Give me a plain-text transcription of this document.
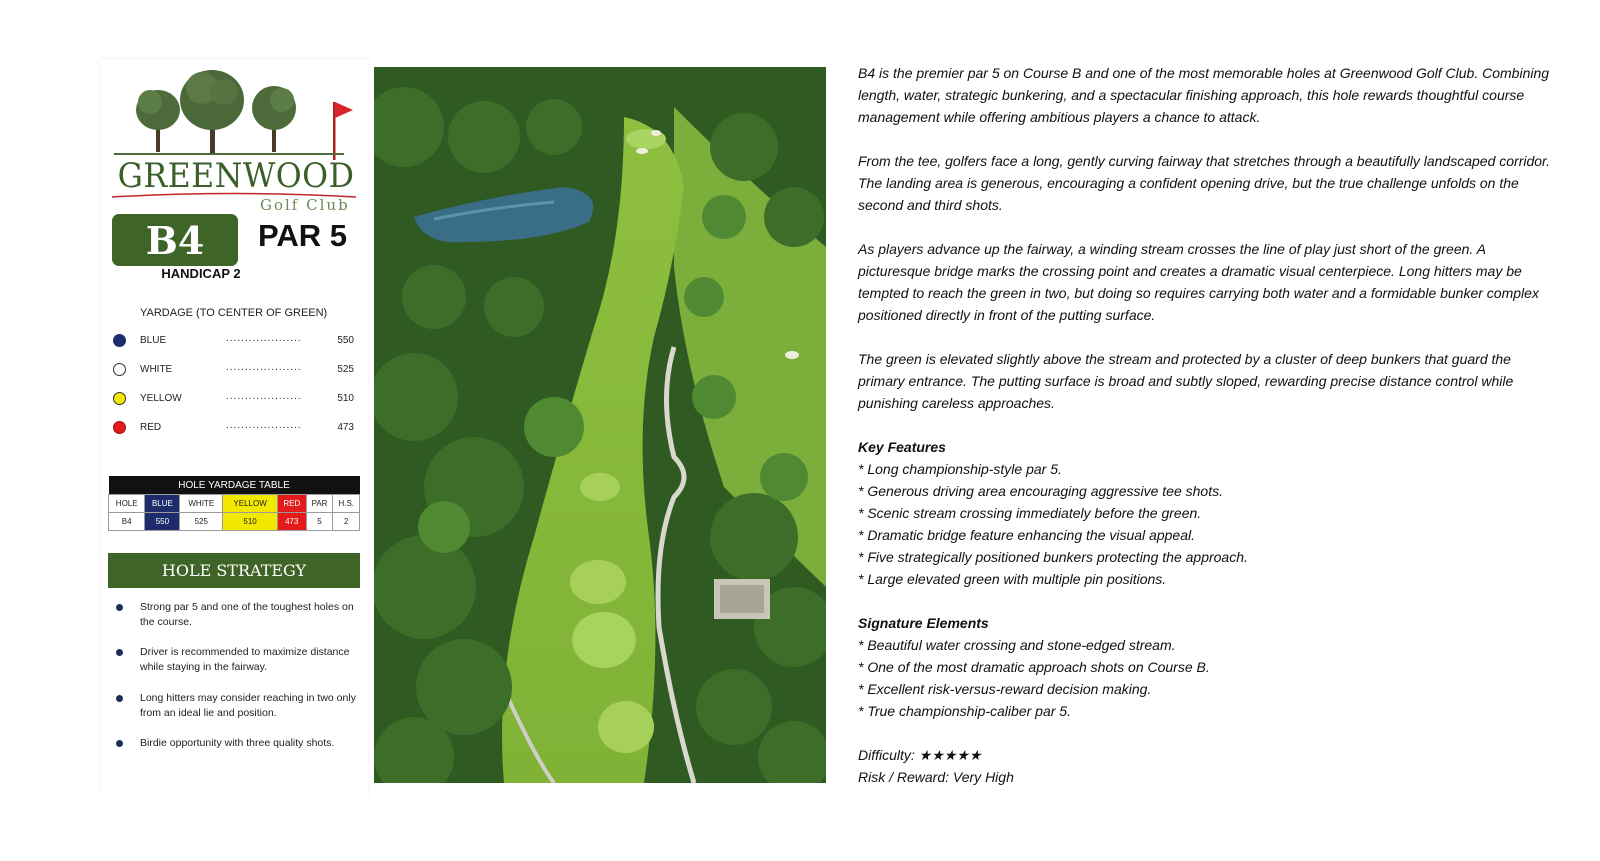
GREENWOOD
Golf Club
B4	PAR 5
HANDICAP 2
YARDAGE (TO CENTER OF GREEN)
BLUE	....................	550
WHITE	....................	525
YELLOW	....................	510
RED	....................	473
HOLE YARDAGE TABLE						
HOLE	BLUE	WHITE	YELLOW	RED	PAR	H.S.
B4	550	525	510	473	5	2
HOLE STRATEGY
Strong par 5 and one of the toughest holes on the course.
Driver is recommended to maximize distance while staying in the fairway.
Long hitters may consider reaching in two only from an ideal lie and position.
Birdie opportunity with three quality shots.

B4 is the premier par 5 on Course B and one of the most memorable holes at Greenwood Golf Club. Combining length, water, strategic bunkering, and a spectacular finishing approach, this hole rewards thoughtful course management while offering ambitious players a chance to attack.

From the tee, golfers face a long, gently curving fairway that stretches through a beautifully landscaped corridor. The landing area is generous, encouraging a confident opening drive, but the true challenge unfolds on the second and third shots.

As players advance up the fairway, a winding stream crosses the line of play just short of the green. A picturesque bridge marks the crossing point and creates a dramatic visual centerpiece. Long hitters may be tempted to reach the green in two, but doing so requires carrying both water and a formidable bunker complex positioned directly in front of the putting surface.

The green is elevated slightly above the stream and protected by a cluster of deep bunkers that guard the primary entrance. The putting surface is broad and subtly sloped, rewarding precise distance control while punishing careless approaches.

Key Features
* Long championship-style par 5.
* Generous driving area encouraging aggressive tee shots.
* Scenic stream crossing immediately before the green.
* Dramatic bridge feature enhancing the visual appeal.
* Five strategically positioned bunkers protecting the approach.
* Large elevated green with multiple pin positions.
Signature Elements
* Beautiful water crossing and stone-edged stream.
* One of the most dramatic approach shots on Course B.
* Excellent risk-versus-reward decision making.
* True championship-caliber par 5.
Difficulty: ★★★★★
Risk / Reward: Very High
